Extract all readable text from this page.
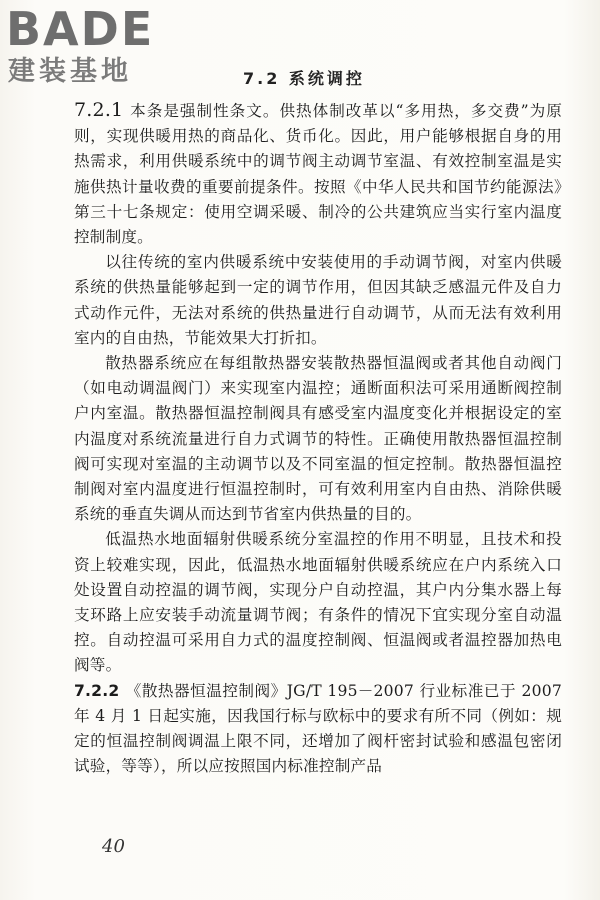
BADE
建装基地	7.2 系统调控

7.2.1 本条是强制性条文。供热体制改革以“多用热，多交费”为原则，实现供暖用热的商品化、货币化。因此，用户能够根据自身的用热需求，利用供暖系统中的调节阀主动调节室温、有效控制室温是实施供热计量收费的重要前提条件。按照《中华人民共和国节约能源法》第三十七条规定：使用空调采暖、制冷的公共建筑应当实行室内温度控制制度。

以往传统的室内供暖系统中安装使用的手动调节阀，对室内供暖系统的供热量能够起到一定的调节作用，但因其缺乏感温元件及自力式动作元件，无法对系统的供热量进行自动调节，从而无法有效利用室内的自由热，节能效果大打折扣。

散热器系统应在每组散热器安装散热器恒温阀或者其他自动阀门（如电动调温阀门）来实现室内温控；通断面积法可采用通断阀控制户内室温。散热器恒温控制阀具有感受室内温度变化并根据设定的室内温度对系统流量进行自力式调节的特性。正确使用散热器恒温控制阀可实现对室温的主动调节以及不同室温的恒定控制。散热器恒温控制阀对室内温度进行恒温控制时，可有效利用室内自由热、消除供暖系统的垂直失调从而达到节省室内供热量的目的。

低温热水地面辐射供暖系统分室温控的作用不明显，且技术和投资上较难实现，因此，低温热水地面辐射供暖系统应在户内系统入口处设置自动控温的调节阀，实现分户自动控温，其户内分集水器上每支环路上应安装手动流量调节阀；有条件的情况下宜实现分室自动温控。自动控温可采用自力式的温度控制阀、恒温阀或者温控器加热电阀等。

7.2.2 《散热器恒温控制阀》JG/T 195－2007 行业标准已于 2007 年 4 月 1 日起实施，因我国行标与欧标中的要求有所不同（例如：规定的恒温控制阀调温上限不同，还增加了阀杆密封试验和感温包密闭试验，等等），所以应按照国内标准控制产品

40
